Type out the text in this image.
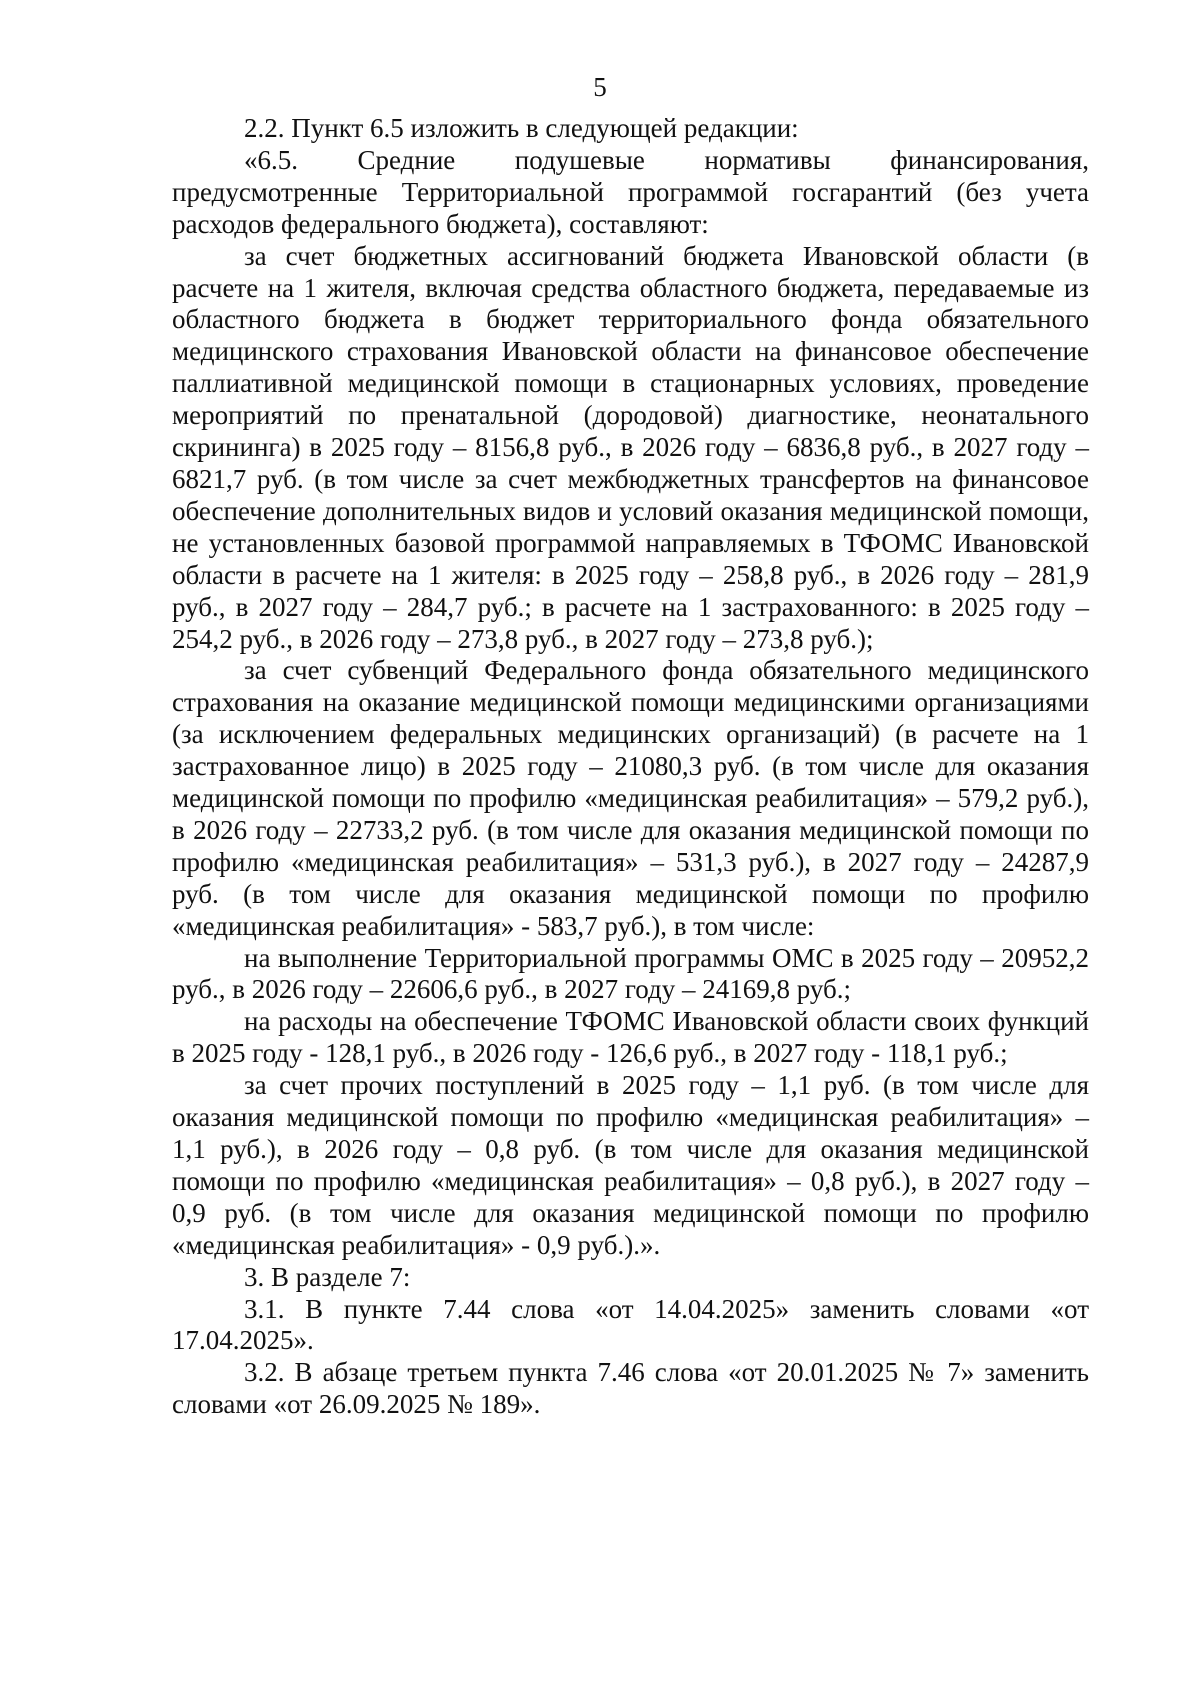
5

2.2. Пункт 6.5 изложить в следующей редакции:

«6.5. Средние подушевые нормативы финансирования, предусмотренные Территориальной программой госгарантий (без учета расходов федерального бюджета), составляют:

за счет бюджетных ассигнований бюджета Ивановской области (в расчете на 1 жителя, включая средства областного бюджета, передаваемые из областного бюджета в бюджет территориального фонда обязательного медицинского страхования Ивановской области на финансовое обеспечение паллиативной медицинской помощи в стационарных условиях, проведение мероприятий по пренатальной (дородовой) диагностике, неонатального скрининга) в 2025 году – 8156,8 руб., в 2026 году – 6836,8 руб., в 2027 году – 6821,7 руб. (в том числе за счет межбюджетных трансфертов на финансовое обеспечение дополнительных видов и условий оказания медицинской помощи, не установленных базовой программой направляемых в ТФОМС Ивановской области в расчете на 1 жителя: в 2025 году – 258,8 руб., в 2026 году – 281,9 руб., в 2027 году – 284,7 руб.; в расчете на 1 застрахованного: в 2025 году – 254,2 руб., в 2026 году – 273,8 руб., в 2027 году – 273,8 руб.);

за счет субвенций Федерального фонда обязательного медицинского страхования на оказание медицинской помощи медицинскими организациями (за исключением федеральных медицинских организаций) (в расчете на 1 застрахованное лицо) в 2025 году – 21080,3 руб. (в том числе для оказания медицинской помощи по профилю «медицинская реабилитация» – 579,2 руб.), в 2026 году – 22733,2 руб. (в том числе для оказания медицинской помощи по профилю «медицинская реабилитация» – 531,3 руб.), в 2027 году – 24287,9 руб. (в том числе для оказания медицинской помощи по профилю «медицинская реабилитация» - 583,7 руб.), в том числе:

на выполнение Территориальной программы ОМС в 2025 году – 20952,2 руб., в 2026 году – 22606,6 руб., в 2027 году – 24169,8 руб.;

на расходы на обеспечение ТФОМС Ивановской области своих функций в 2025 году - 128,1 руб., в 2026 году - 126,6 руб., в 2027 году - 118,1 руб.;

за счет прочих поступлений в 2025 году – 1,1 руб. (в том числе для оказания медицинской помощи по профилю «медицинская реабилитация» – 1,1 руб.), в 2026 году – 0,8 руб. (в том числе для оказания медицинской помощи по профилю «медицинская реабилитация» – 0,8 руб.), в 2027 году – 0,9 руб. (в том числе для оказания медицинской помощи по профилю «медицинская реабилитация» - 0,9 руб.).».

3. В разделе 7:

3.1. В пункте 7.44 слова «от 14.04.2025» заменить словами «от 17.04.2025».

3.2. В абзаце третьем пункта 7.46 слова «от 20.01.2025 № 7» заменить словами «от 26.09.2025 № 189».
